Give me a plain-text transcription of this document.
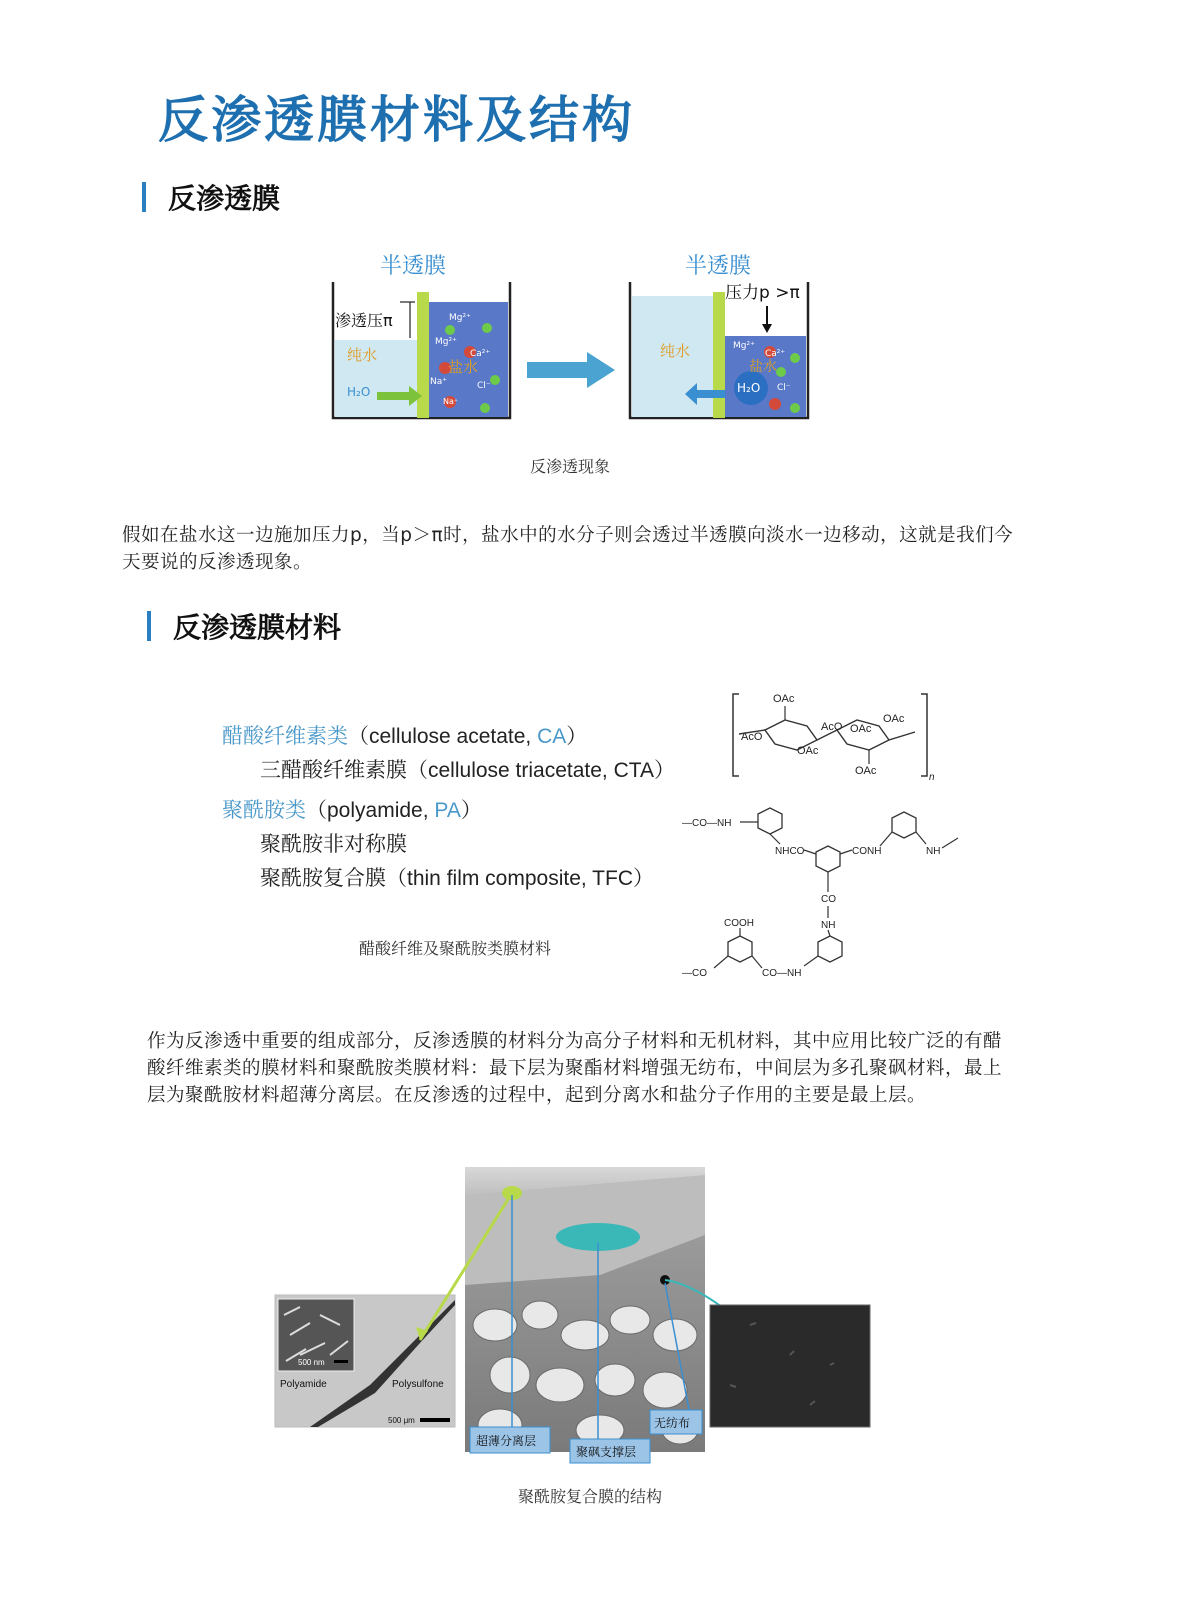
反渗透膜材料及结构
反渗透膜
半透膜
渗透压π
纯水
H₂O
Mg²⁺
Mg²⁺
Ca²⁺
盐水
Na⁺	Cl⁻
Na⁺
半透膜
压力p >π
纯水
H₂O
Mg²⁺
Ca²⁺
盐水
Cl⁻
反渗透现象
假如在盐水这一边施加压力p，当p＞π时，盐水中的水分子则会透过半透膜向淡水一边移动，这就是我们今天要说的反渗透现象。
反渗透膜材料
醋酸纤维素类（cellulose acetate, CA）
三醋酸纤维素膜（cellulose triacetate, CTA）
聚酰胺类（polyamide, PA）
聚酰胺非对称膜
聚酰胺复合膜（thin film composite, TFC）
OAc
AcO
OAc
AcO OAc
OAc
OAc
n
—CO—NH
NHCO	CONH	NH
CO
NH
CO—NH
COOH
—CO
醋酸纤维及聚酰胺类膜材料
作为反渗透中重要的组成部分，反渗透膜的材料分为高分子材料和无机材料，其中应用比较广泛的有醋酸纤维素类的膜材料和聚酰胺类膜材料：最下层为聚酯材料增强无纺布，中间层为多孔聚砜材料，最上层为聚酰胺材料超薄分离层。在反渗透的过程中，起到分离水和盐分子作用的主要是最上层。
500 nm
Polyamide	Polysulfone
500 μm
超薄分离层
聚砜支撑层
无纺布
聚酰胺复合膜的结构
